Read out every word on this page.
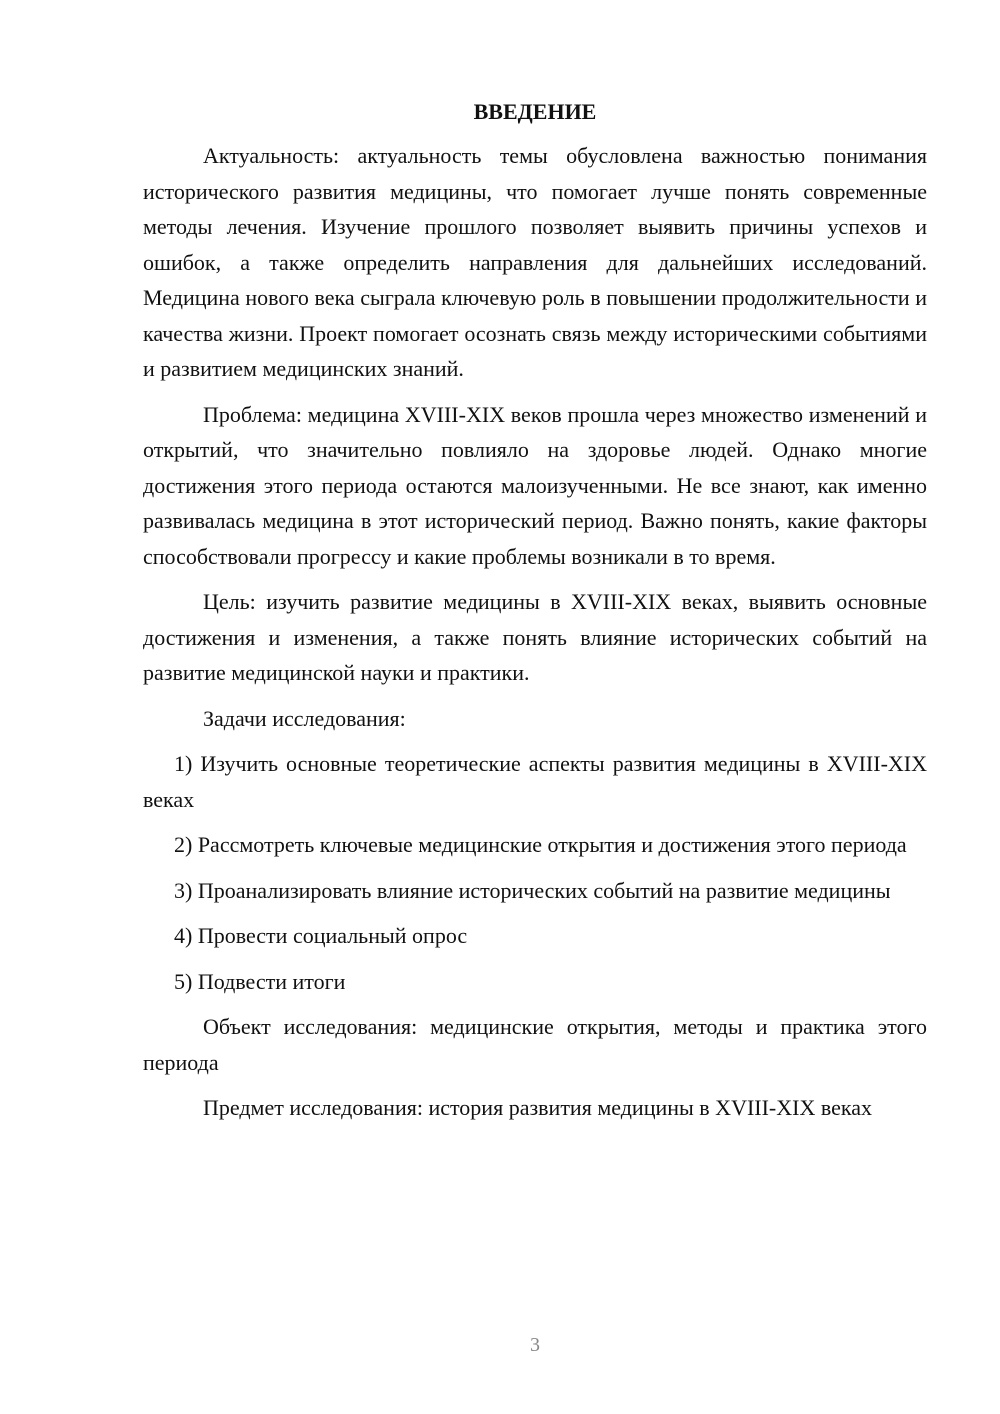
ВВЕДЕНИЕ

Актуальность: актуальность темы обусловлена важностью понимания исторического развития медицины, что помогает лучше понять современные методы лечения. Изучение прошлого позволяет выявить причины успехов и ошибок, а также определить направления для дальнейших исследований. Медицина нового века сыграла ключевую роль в повышении продолжительности и качества жизни. Проект помогает осознать связь между историческими событиями и развитием медицинских знаний.

Проблема: медицина XVIII-XIX веков прошла через множество изменений и открытий, что значительно повлияло на здоровье людей. Однако многие достижения этого периода остаются малоизученными. Не все знают, как именно развивалась медицина в этот исторический период. Важно понять, какие факторы способствовали прогрессу и какие проблемы возникали в то время.

Цель: изучить развитие медицины в XVIII-XIX веках, выявить основные достижения и изменения, а также понять влияние исторических событий на развитие медицинской науки и практики.

Задачи исследования:

1) Изучить основные теоретические аспекты развития медицины в XVIII-XIX веках

2) Рассмотреть ключевые медицинские открытия и достижения этого периода

3) Проанализировать влияние исторических событий на развитие медицины

4) Провести социальный опрос

5) Подвести итоги

Объект исследования: медицинские открытия, методы и практика этого периода

Предмет исследования: история развития медицины в XVIII-XIX веках

3
